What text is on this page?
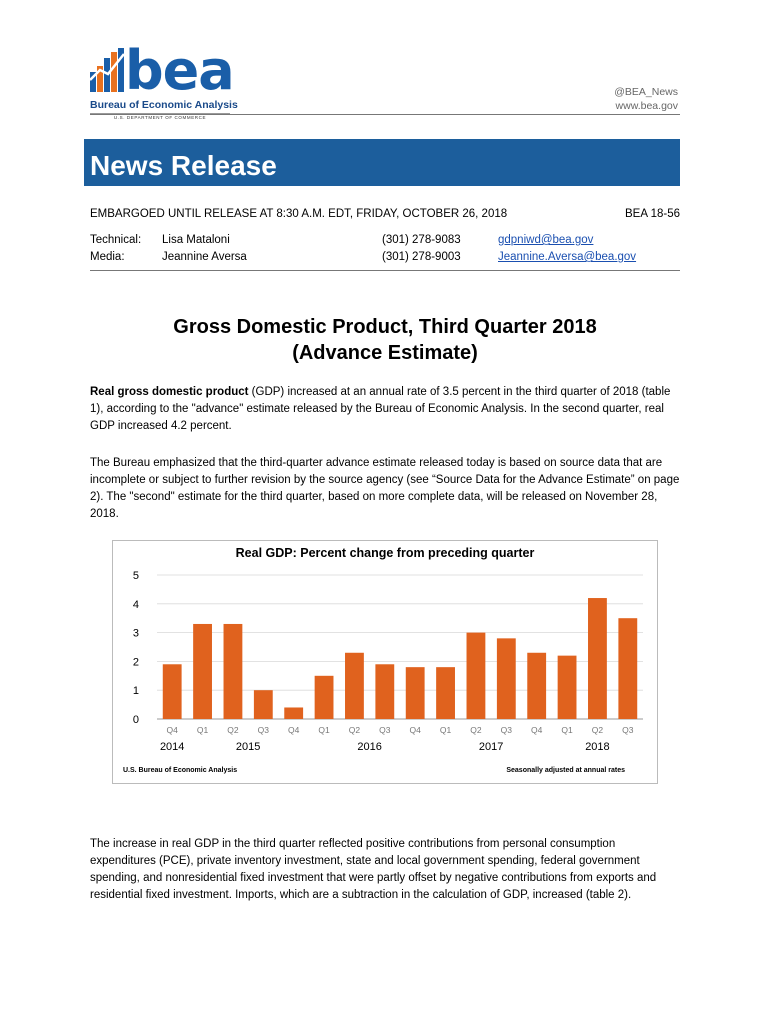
bea
Bureau of Economic Analysis
U.S. DEPARTMENT OF COMMERCE
@BEA_News
www.bea.gov
News Release
EMBARGOED UNTIL RELEASE AT 8:30 A.M. EDT, FRIDAY, OCTOBER 26, 2018	BEA 18-56
Technical: Lisa Mataloni	(301) 278-9083	gdpniwd@bea.gov
Media:	Jeannine Aversa	(301) 278-9003	Jeannine.Aversa@bea.gov
Gross Domestic Product, Third Quarter 2018
(Advance Estimate)
Real gross domestic product (GDP) increased at an annual rate of 3.5 percent in the third quarter of 2018 (table 1), according to the "advance" estimate released by the Bureau of Economic Analysis. In the second quarter, real GDP increased 4.2 percent.
The Bureau emphasized that the third-quarter advance estimate released today is based on source data that are incomplete or subject to further revision by the source agency (see “Source Data for the Advance Estimate” on page 2). The "second" estimate for the third quarter, based on more complete data, will be released on November 28, 2018.
Real GDP: Percent change from preceding quarter
0
1
2
3
4
5
Q4 Q1 Q2 Q3 Q4 Q1 Q2 Q3 Q4 Q1 Q2 Q3 Q4 Q1 Q2 Q3
2014	2015	2016	2017	2018
U.S. Bureau of Economic Analysis	Seasonally adjusted at annual rates
The increase in real GDP in the third quarter reflected positive contributions from personal consumption expenditures (PCE), private inventory investment, state and local government spending, federal government spending, and nonresidential fixed investment that were partly offset by negative contributions from exports and residential fixed investment. Imports, which are a subtraction in the calculation of GDP, increased (table 2).
